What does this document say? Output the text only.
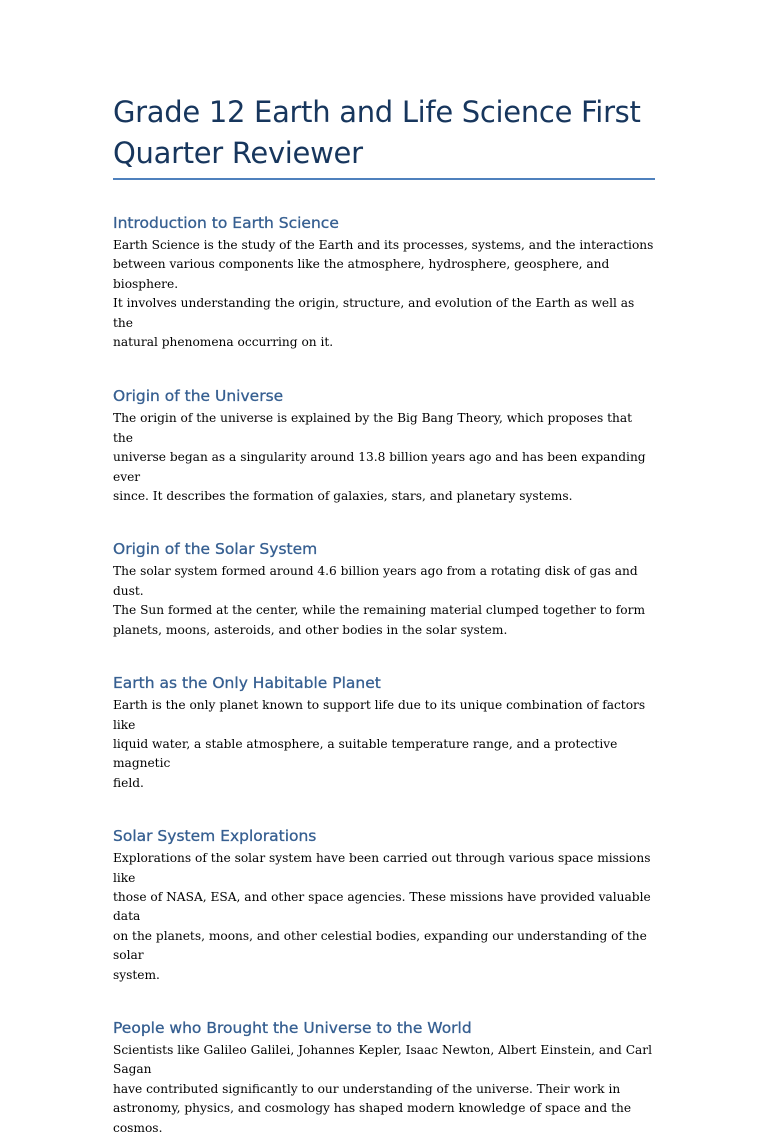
Grade 12 Earth and Life Science First
Quarter Reviewer
Introduction to Earth Science

Earth Science is the study of the Earth and its processes, systems, and the interactions
between various components like the atmosphere, hydrosphere, geosphere, and biosphere.
It involves understanding the origin, structure, and evolution of the Earth as well as the
natural phenomena occurring on it.

Origin of the Universe

The origin of the universe is explained by the Big Bang Theory, which proposes that the
universe began as a singularity around 13.8 billion years ago and has been expanding ever
since. It describes the formation of galaxies, stars, and planetary systems.

Origin of the Solar System

The solar system formed around 4.6 billion years ago from a rotating disk of gas and dust.
The Sun formed at the center, while the remaining material clumped together to form
planets, moons, asteroids, and other bodies in the solar system.

Earth as the Only Habitable Planet

Earth is the only planet known to support life due to its unique combination of factors like
liquid water, a stable atmosphere, a suitable temperature range, and a protective magnetic
field.

Solar System Explorations

Explorations of the solar system have been carried out through various space missions like
those of NASA, ESA, and other space agencies. These missions have provided valuable data
on the planets, moons, and other celestial bodies, expanding our understanding of the solar
system.

People who Brought the Universe to the World

Scientists like Galileo Galilei, Johannes Kepler, Isaac Newton, Albert Einstein, and Carl Sagan
have contributed significantly to our understanding of the universe. Their work in
astronomy, physics, and cosmology has shaped modern knowledge of space and the cosmos.
